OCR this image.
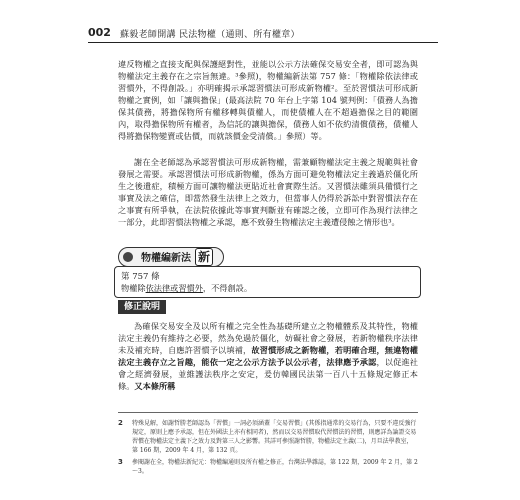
002 蘇毅老師開講 民法物權（通則、所有權章）

違反物權之直接支配與保護絕對性，並能以公示方法確保交易安全者，即可認為與物權法定主義存在之宗旨無違。³參照)，物權編新法第 757 條：「物權除依法律或習慣外，不得創設。」亦明確揭示承認習慣法可形成新物權²。至於習慣法可形成新物權之實例，如「讓與擔保」(最高法院 70 年台上字第 104 號判例：「債務人為擔保其債務，將擔保物所有權移轉與債權人，而使債權人在不超過擔保之目的範圍內，取得擔保物所有權者，為信託的讓與擔保，債務人如不依約清償債務，債權人得將擔保物變賣或估價，而就該價金受清償。」參照）等。

謝在全老師認為承認習慣法可形成新物權，需兼顧物權法定主義之規範與社會發展之需要。承認習慣法可形成新物權，係為方面可避免物權法定主義過於僵化所生之後遺症，積極方面可讓物權法更貼近社會實際生活。又習慣法雖須具備慣行之事實及法之確信，即當然發生法律上之效力，但當事人仍得於訴訟中對習慣法存在之事實有所爭執，在法院依據此等事實判斷並有確認之後，立即可作為現行法律之一部分，此即習慣法物權之承認，應不致發生物權法定主義遭侵蝕之情形也³。

物權編新法 新
第 757 條
物權除依法律或習慣外，不得創設。
修正說明

為確保交易安全及以所有權之完全性為基礎所建立之物權體系及其特性，物權法定主義仍有維持之必要，然為免過於僵化，妨礙社會之發展，若新物權秩序法律未及補充時，自應許習慣予以填補，故習慣形成之新物權，若明確合理，無違物權法定主義存立之旨趣，能依一定之公示方法予以公示者，法律應予承認，以促進社會之經濟發展，並維護法秩序之安定，爰仿韓國民法第一百八十五條規定修正本條。又本條所稱

2	特殊見解，如謝哲勝老師認為「習慣」一詞必須涵蓋「交易習慣」(其係指通常的交易行為，只要不違反強行規定，原則上應予承認，但在外國法上亦有相同者)，然而以交易習慣取代習慣法的習慣，則應詳為論證交易習慣在物權法定主義下之效力及對第三人之影響。其詳可參照謝哲勝，物權法定主義(二)，月旦法學教室，第 166 期，2009 年 4 月，第 132 頁。
3	參閱謝在全，物權法新紀元：物權編通則及所有權之修正，台灣法學雜誌，第 122 期，2009 年 2 月，第 2～3。
